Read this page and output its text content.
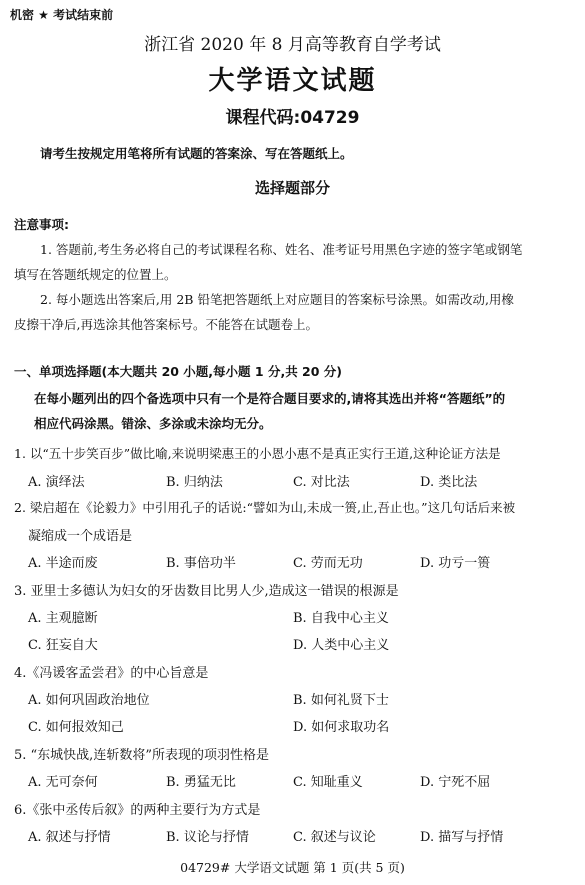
机密 ★ 考试结束前
浙江省 2020 年 8 月高等教育自学考试
大学语文试题
课程代码:04729
请考生按规定用笔将所有试题的答案涂、写在答题纸上。
选择题部分
注意事项:
1. 答题前,考生务必将自己的考试课程名称、姓名、准考证号用黑色字迹的签字笔或钢笔
填写在答题纸规定的位置上。
2. 每小题选出答案后,用 2B 铅笔把答题纸上对应题目的答案标号涂黑。如需改动,用橡
皮擦干净后,再选涂其他答案标号。不能答在试题卷上。
一、单项选择题(本大题共 20 小题,每小题 1 分,共 20 分)
在每小题列出的四个备选项中只有一个是符合题目要求的,请将其选出并将“答题纸”的
相应代码涂黑。错涂、多涂或未涂均无分。
1. 以“五十步笑百步”做比喻,来说明梁惠王的小恩小惠不是真正实行王道,这种论证方法是
A. 演绎法	B. 归纳法	C. 对比法	D. 类比法
2. 梁启超在《论毅力》中引用孔子的话说:“譬如为山,未成一篑,止,吾止也。”这几句话后来被
凝缩成一个成语是
A. 半途而废	B. 事倍功半	C. 劳而无功	D. 功亏一篑
3. 亚里士多德认为妇女的牙齿数目比男人少,造成这一错误的根源是
A. 主观臆断	B. 自我中心主义
C. 狂妄自大	D. 人类中心主义
4.《冯谖客孟尝君》的中心旨意是
A. 如何巩固政治地位	B. 如何礼贤下士
C. 如何报效知己	D. 如何求取功名
5. “东城快战,连斩数将”所表现的项羽性格是
A. 无可奈何	B. 勇猛无比	C. 知耻重义	D. 宁死不屈
6.《张中丞传后叙》的两种主要行为方式是
A. 叙述与抒情	B. 议论与抒情	C. 叙述与议论	D. 描写与抒情
04729# 大学语文试题 第 1 页(共 5 页)
